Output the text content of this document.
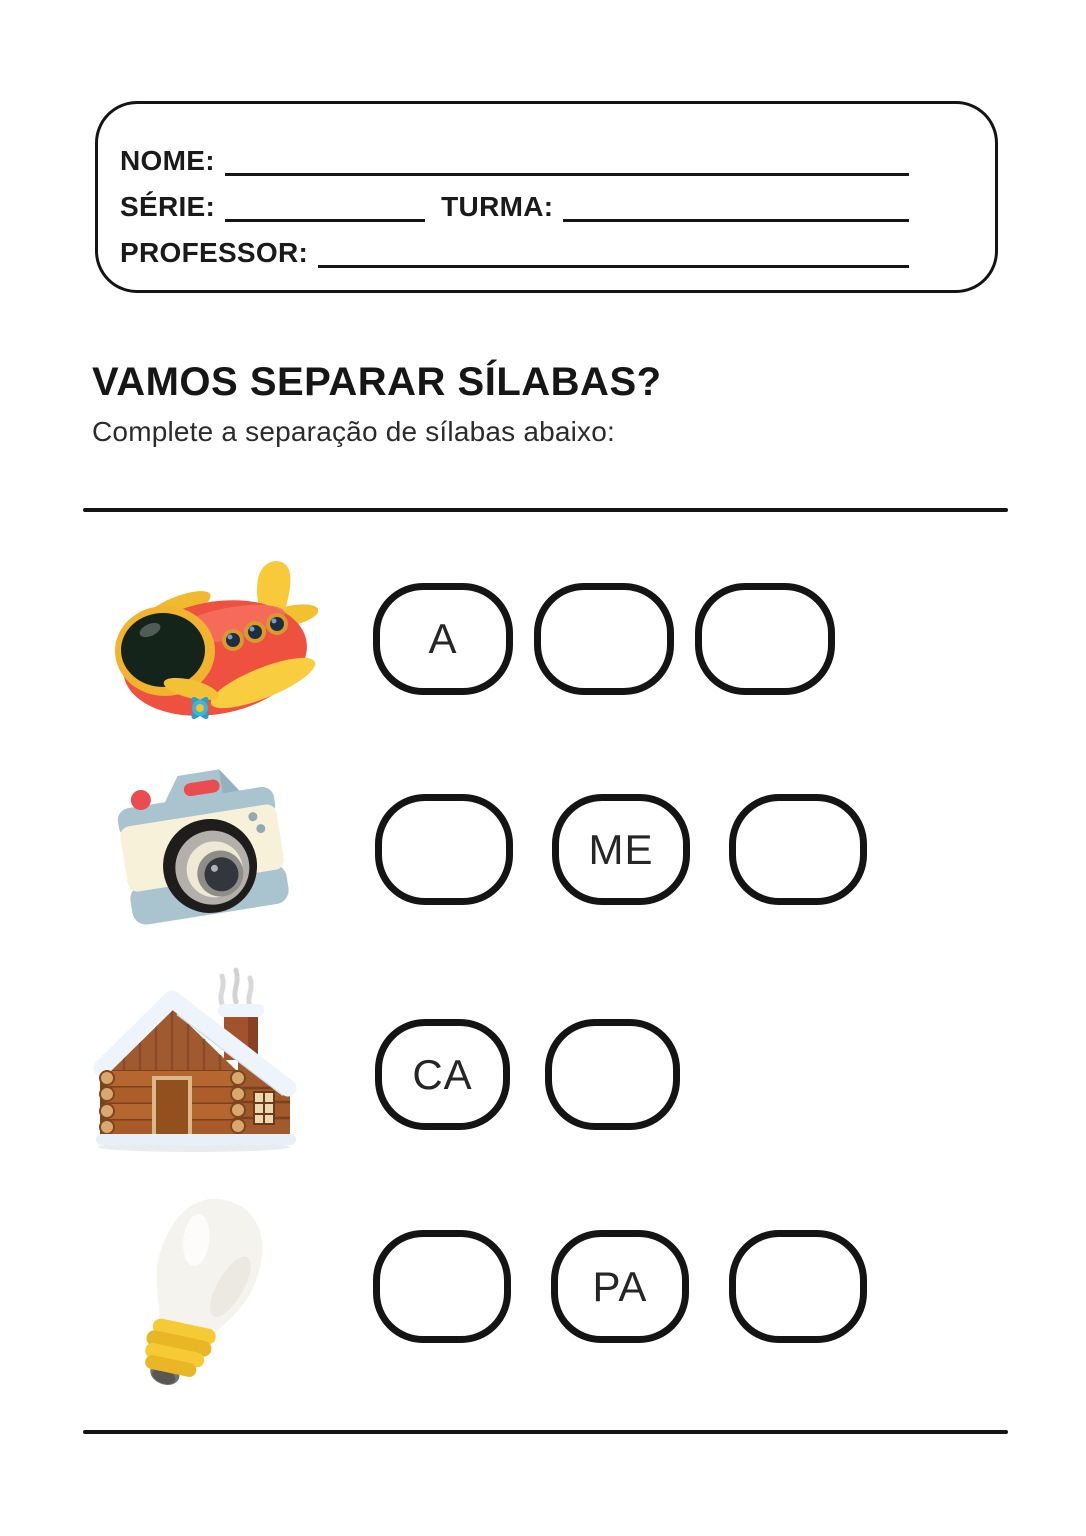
NOME:
SÉRIE:	TURMA:
PROFESSOR:
VAMOS SEPARAR SÍLABAS?
Complete a separação de sílabas abaixo:
A
ME
CA
PA
